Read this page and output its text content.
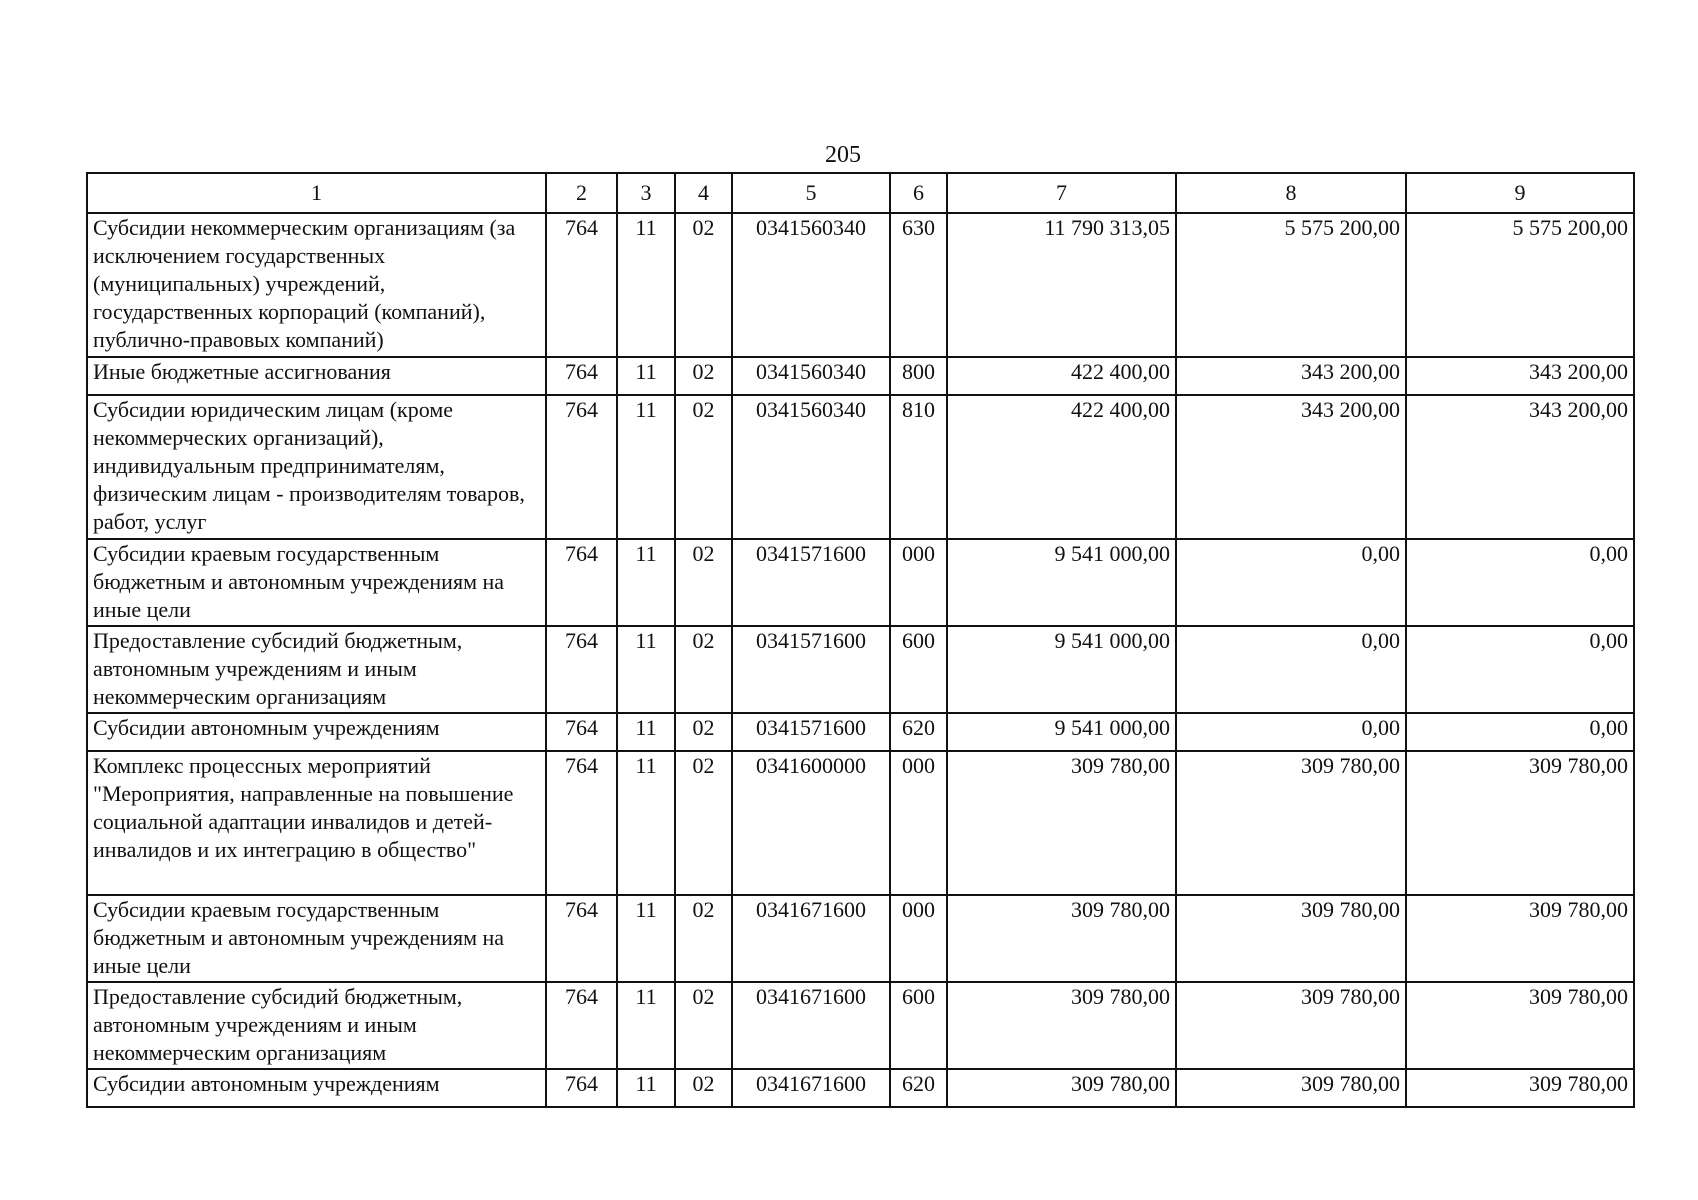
205
1	2	3	4	5	6	7	8	9
Субсидии некоммерческим организациям (за исключением государственных (муниципальных) учреждений, государственных корпораций (компаний), публично-правовых компаний)	764	11	02	0341560340	630	11 790 313,05	5 575 200,00	5 575 200,00
Иные бюджетные ассигнования	764	11	02	0341560340	800	422 400,00	343 200,00	343 200,00
Субсидии юридическим лицам (кроме некоммерческих организаций), индивидуальным предпринимателям, физическим лицам - производителям товаров, работ, услуг	764	11	02	0341560340	810	422 400,00	343 200,00	343 200,00
Субсидии краевым государственным бюджетным и автономным учреждениям на иные цели	764	11	02	0341571600	000	9 541 000,00	0,00	0,00
Предоставление субсидий бюджетным, автономным учреждениям и иным некоммерческим организациям	764	11	02	0341571600	600	9 541 000,00	0,00	0,00
Субсидии автономным учреждениям	764	11	02	0341571600	620	9 541 000,00	0,00	0,00
Комплекс процессных мероприятий "Мероприятия, направленные на повышение социальной адаптации инвалидов и детей-инвалидов и их интеграцию в общество"	764	11	02	0341600000	000	309 780,00	309 780,00	309 780,00
Субсидии краевым государственным бюджетным и автономным учреждениям на иные цели	764	11	02	0341671600	000	309 780,00	309 780,00	309 780,00
Предоставление субсидий бюджетным, автономным учреждениям и иным некоммерческим организациям	764	11	02	0341671600	600	309 780,00	309 780,00	309 780,00
Субсидии автономным учреждениям	764	11	02	0341671600	620	309 780,00	309 780,00	309 780,00
